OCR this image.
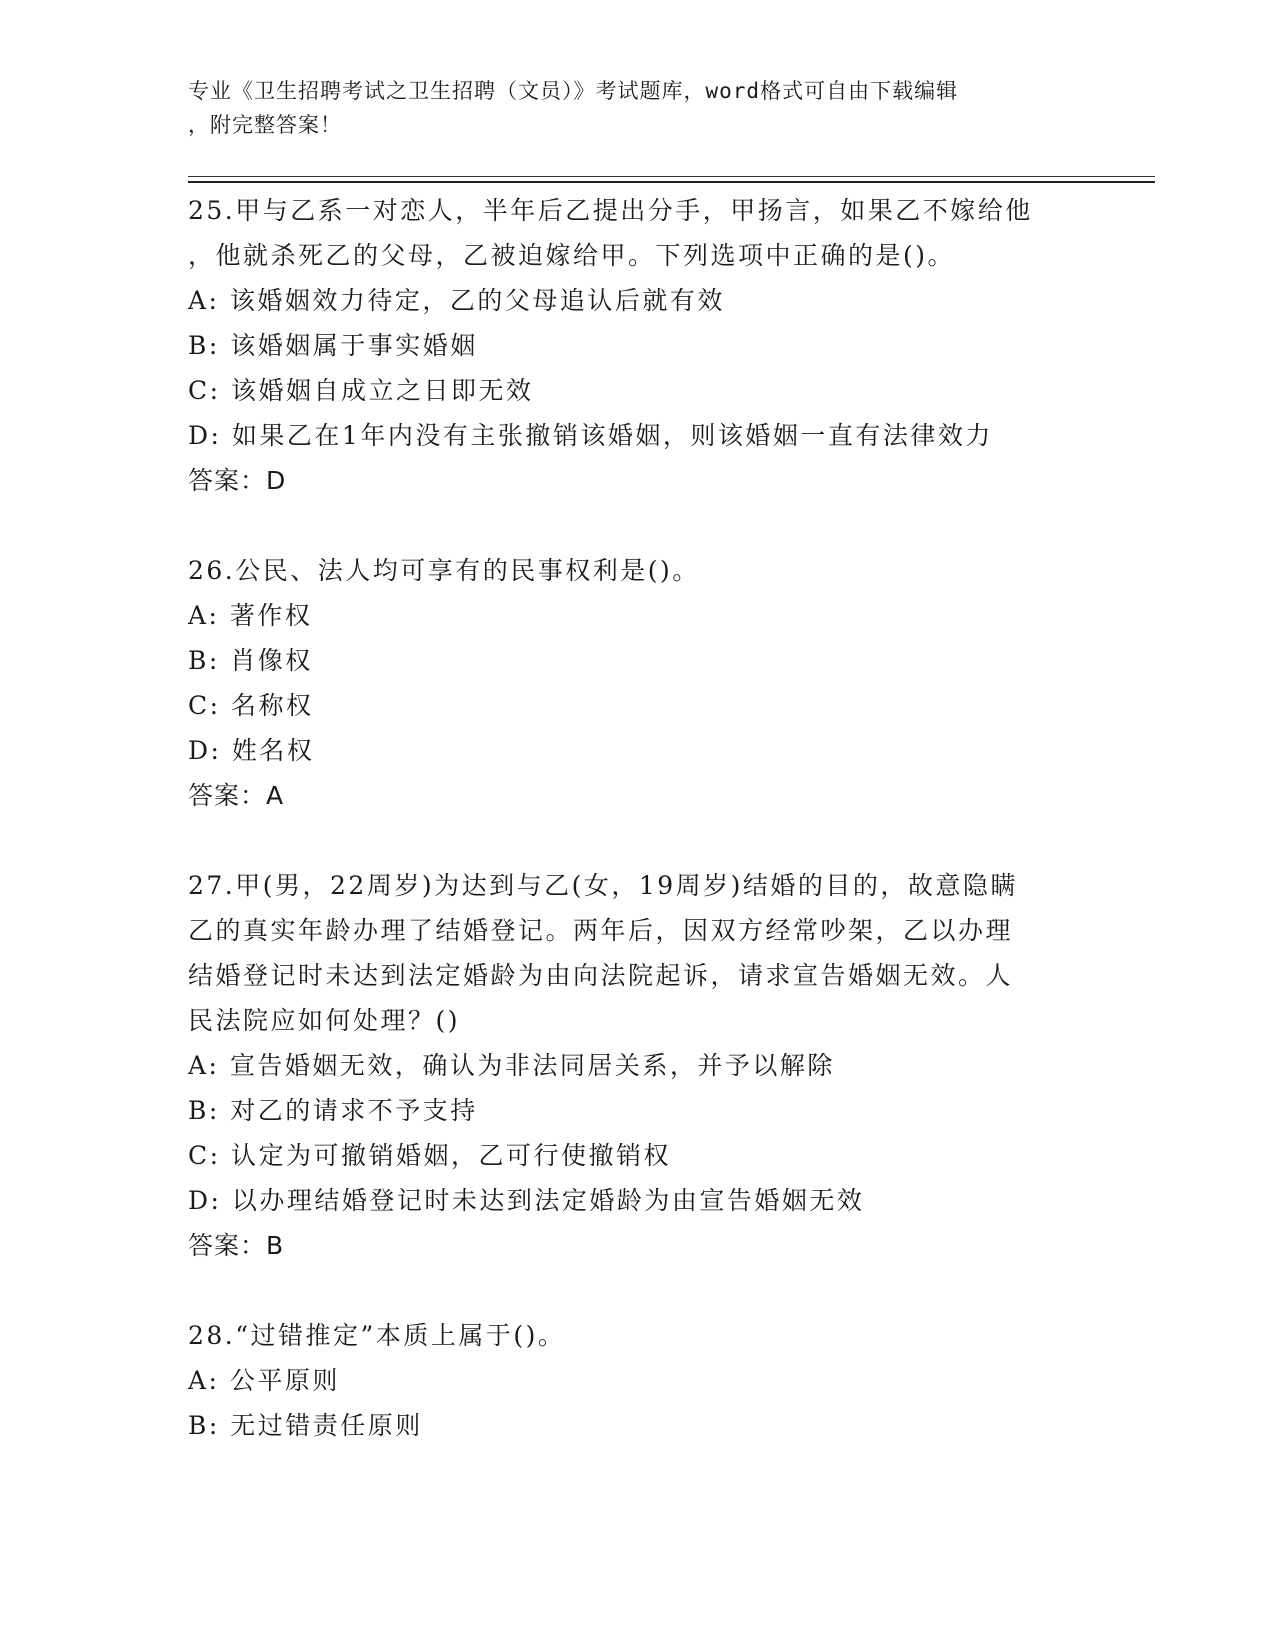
专业《卫生招聘考试之卫生招聘（文员）》考试题库，word格式可自由下载编辑
，附完整答案！
25.甲与乙系一对恋人，半年后乙提出分手，甲扬言，如果乙不嫁给他
，他就杀死乙的父母，乙被迫嫁给甲。下列选项中正确的是()。
A: 该婚姻效力待定，乙的父母追认后就有效
B: 该婚姻属于事实婚姻
C: 该婚姻自成立之日即无效
D: 如果乙在1年内没有主张撤销该婚姻，则该婚姻一直有法律效力
答案：D
26.公民、法人均可享有的民事权利是()。
A: 著作权
B: 肖像权
C: 名称权
D: 姓名权
答案：A
27.甲(男，22周岁)为达到与乙(女，19周岁)结婚的目的，故意隐瞒
乙的真实年龄办理了结婚登记。两年后，因双方经常吵架，乙以办理
结婚登记时未达到法定婚龄为由向法院起诉，请求宣告婚姻无效。人
民法院应如何处理？()
A: 宣告婚姻无效，确认为非法同居关系，并予以解除
B: 对乙的请求不予支持
C: 认定为可撤销婚姻，乙可行使撤销权
D: 以办理结婚登记时未达到法定婚龄为由宣告婚姻无效
答案：B
28.“过错推定”本质上属于()。
A: 公平原则
B: 无过错责任原则
